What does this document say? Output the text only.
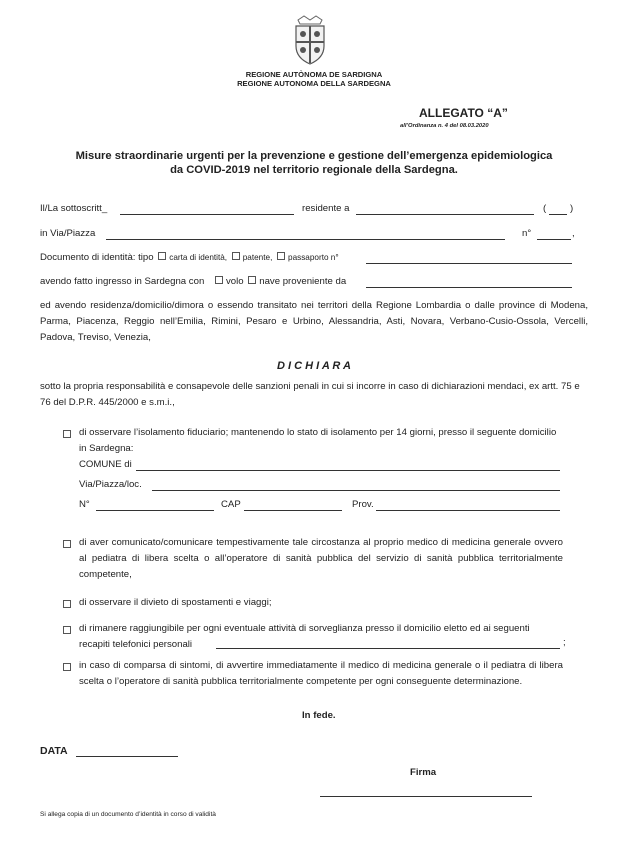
REGIONE AUTÒNOMA DE SARDIGNA
REGIONE AUTONOMA DELLA SARDEGNA
ALLEGATO “A”
all’Ordinanza n. 4 del 08.03.2020
Misure straordinarie urgenti per la prevenzione e gestione dell’emergenza epidemiologica
da COVID-2019 nel territorio regionale della Sardegna.
Il/La sottoscritt_	residente a	( )
in Via/Piazza	n°	,
Documento di identità: tipo carta di identità, patente, passaporto n°
avendo fatto ingresso in Sardegna con volo nave proveniente da
ed avendo residenza/domicilio/dimora o essendo transitato nei territori della Regione Lombardia o dalle province di Modena, Parma, Piacenza, Reggio nell’Emilia, Rimini, Pesaro e Urbino, Alessandria, Asti, Novara, Verbano-Cusio-Ossola, Vercelli, Padova, Treviso, Venezia,
D I C H I A R A
sotto la propria responsabilità e consapevole delle sanzioni penali in cui si incorre in caso di dichiarazioni mendaci, ex artt. 75 e 76 del D.P.R. 445/2000 e s.m.i.,
di osservare l’isolamento fiduciario; mantenendo lo stato di isolamento per 14 giorni, presso il seguente domicilio in Sardegna:
COMUNE di
Via/Piazza/loc.
N°	CAP	Prov.
di aver comunicato/comunicare tempestivamente tale circostanza al proprio medico di medicina generale ovvero al pediatra di libera scelta o all’operatore di sanità pubblica del servizio di sanità pubblica territorialmente competente,
di osservare il divieto di spostamenti e viaggi;
di rimanere raggiungibile per ogni eventuale attività di sorveglianza presso il domicilio eletto ed ai seguenti recapiti telefonici personali	;
in caso di comparsa di sintomi, di avvertire immediatamente il medico di medicina generale o il pediatra di libera scelta o l’operatore di sanità pubblica territorialmente competente per ogni conseguente determinazione.
In fede.
DATA
Firma
Si allega copia di un documento d’identità in corso di validità
